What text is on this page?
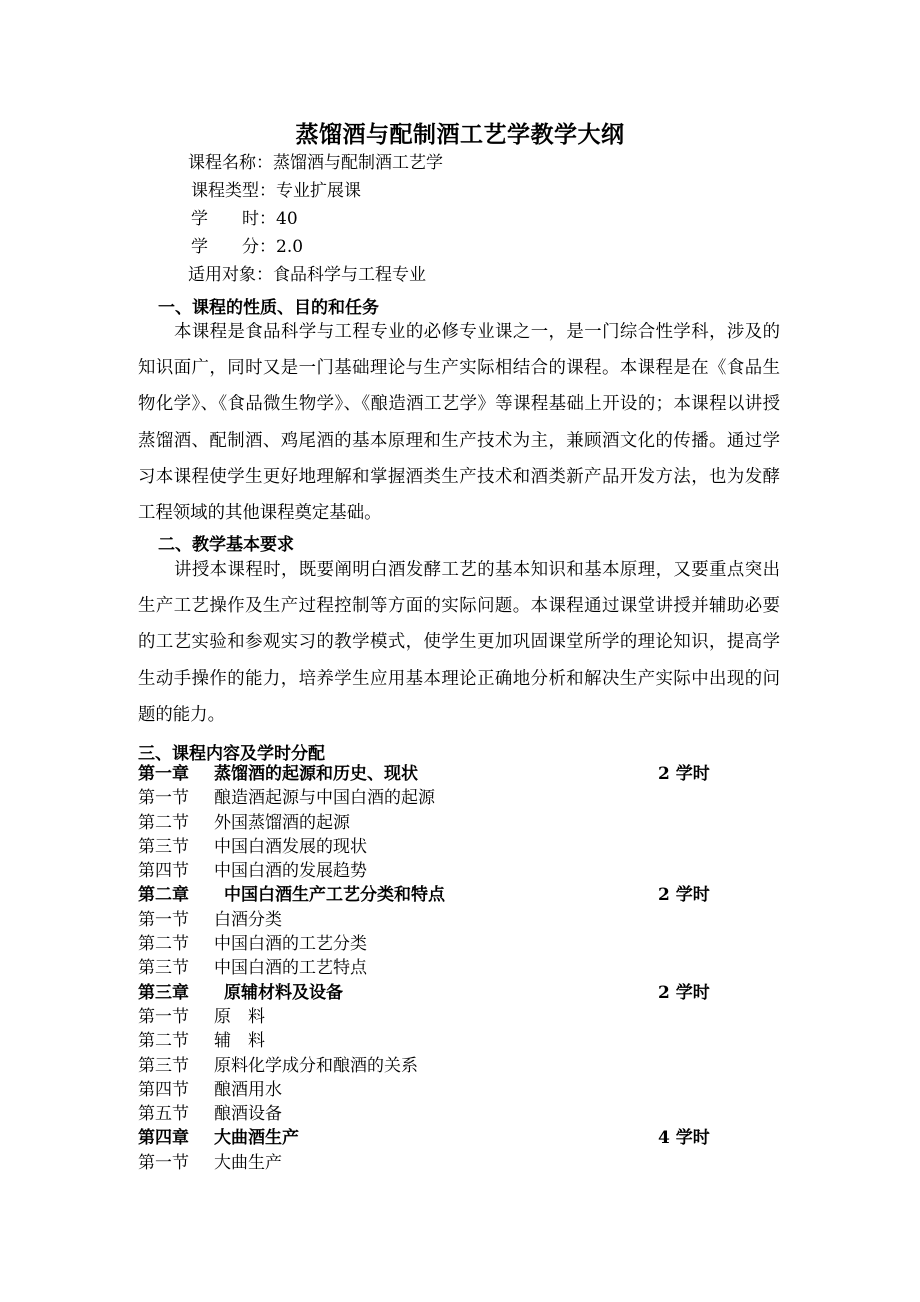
蒸馏酒与配制酒工艺学教学大纲
课程名称：蒸馏酒与配制酒工艺学
课程类型：专业扩展课
学　　时：40
学　　分：2.0
适用对象：食品科学与工程专业
一、课程的性质、目的和任务

本课程是食品科学与工程专业的必修专业课之一，是一门综合性学科，涉及的知识面广，同时又是一门基础理论与生产实际相结合的课程。本课程是在《食品生物化学》、《食品微生物学》、《酿造酒工艺学》等课程基础上开设的；本课程以讲授蒸馏酒、配制酒、鸡尾酒的基本原理和生产技术为主，兼顾酒文化的传播。通过学习本课程使学生更好地理解和掌握酒类生产技术和酒类新产品开发方法，也为发酵工程领域的其他课程奠定基础。

二、教学基本要求

讲授本课程时，既要阐明白酒发酵工艺的基本知识和基本原理，又要重点突出生产工艺操作及生产过程控制等方面的实际问题。本课程通过课堂讲授并辅助必要的工艺实验和参观实习的教学模式，使学生更加巩固课堂所学的理论知识，提高学生动手操作的能力，培养学生应用基本理论正确地分析和解决生产实际中出现的问题的能力。

三、课程内容及学时分配
第一章 蒸馏酒的起源和历史、现状	2 学时
第一节 酿造酒起源与中国白酒的起源
第二节 外国蒸馏酒的起源
第三节 中国白酒发展的现状
第四节 中国白酒的发展趋势
第二章 中国白酒生产工艺分类和特点	2 学时
第一节 白酒分类
第二节 中国白酒的工艺分类
第三节 中国白酒的工艺特点
第三章 原辅材料及设备	2 学时
第一节 原　料
第二节 辅　料
第三节 原料化学成分和酿酒的关系
第四节 酿酒用水
第五节 酿酒设备
第四章 大曲酒生产	4 学时
第一节 大曲生产
